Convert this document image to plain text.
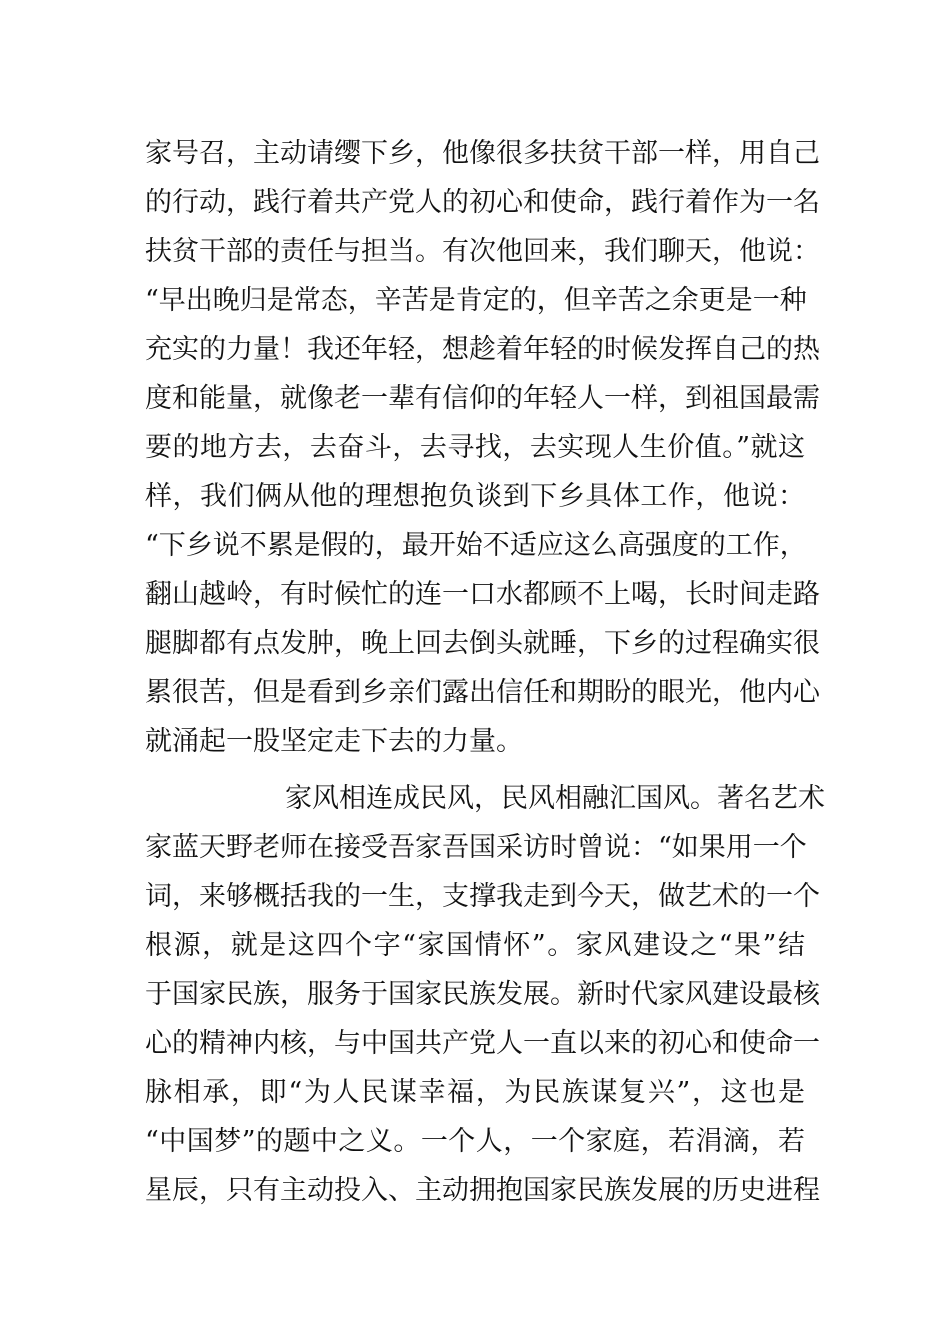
家号召，主动请缨下乡，他像很多扶贫干部一样，用自己
的行动，践行着共产党人的初心和使命，践行着作为一名
扶贫干部的责任与担当。有次他回来，我们聊天，他说：
“早出晚归是常态，辛苦是肯定的，但辛苦之余更是一种
充实的力量！我还年轻，想趁着年轻的时候发挥自己的热
度和能量，就像老一辈有信仰的年轻人一样，到祖国最需
要的地方去，去奋斗，去寻找，去实现人生价值。”就这
样，我们俩从他的理想抱负谈到下乡具体工作，他说：
“下乡说不累是假的，最开始不适应这么高强度的工作，
翻山越岭，有时候忙的连一口水都顾不上喝，长时间走路
腿脚都有点发肿，晚上回去倒头就睡，下乡的过程确实很
累很苦，但是看到乡亲们露出信任和期盼的眼光，他内心
就涌起一股坚定走下去的力量。
家风相连成民风，民风相融汇国风。著名艺术
家蓝天野老师在接受吾家吾国采访时曾说：“如果用一个
词，来够概括我的一生，支撑我走到今天，做艺术的一个
根源，就是这四个字“家国情怀”。家风建设之“果”结
于国家民族，服务于国家民族发展。新时代家风建设最核
心的精神内核，与中国共产党人一直以来的初心和使命一
脉相承，即“为人民谋幸福，为民族谋复兴”，这也是
“中国梦”的题中之义。一个人，一个家庭，若涓滴，若
星辰，只有主动投入、主动拥抱国家民族发展的历史进程
